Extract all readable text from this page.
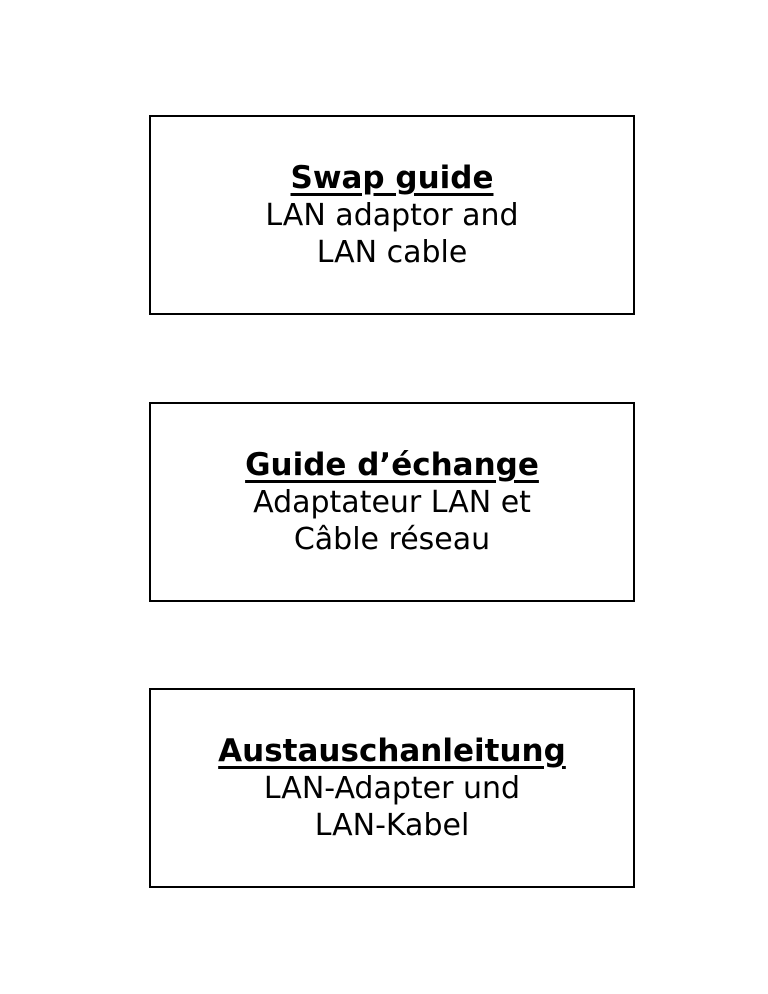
Swap guide
LAN adaptor and
LAN cable
Guide d’échange
Adaptateur LAN et
Câble réseau
Austauschanleitung
LAN-Adapter und
LAN-Kabel
